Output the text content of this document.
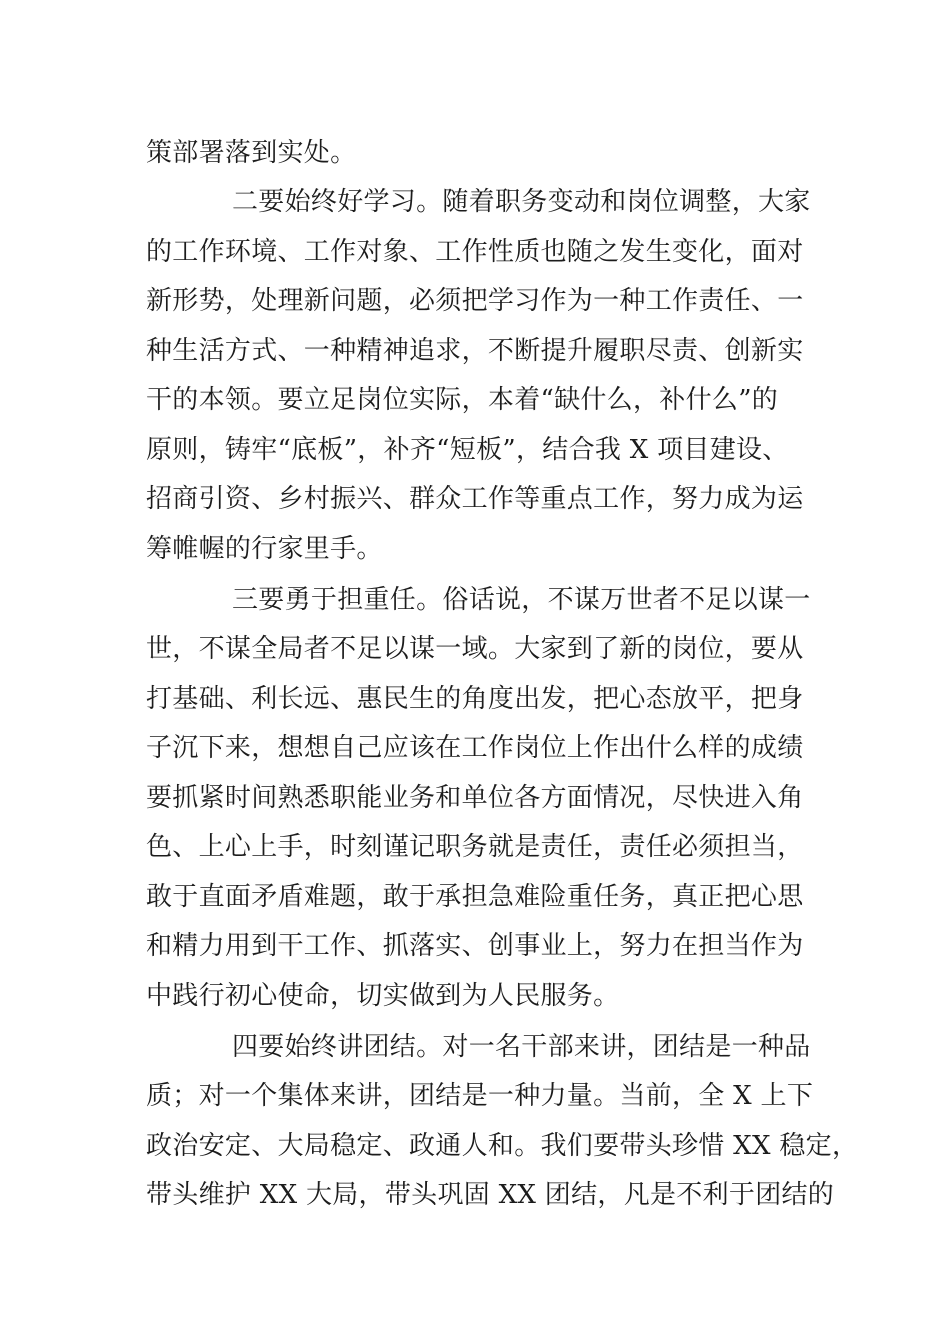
策部署落到实处。
二要始终好学习。随着职务变动和岗位调整，大家
的工作环境、工作对象、工作性质也随之发生变化，面对
新形势，处理新问题，必须把学习作为一种工作责任、一
种生活方式、一种精神追求，不断提升履职尽责、创新实
干的本领。要立足岗位实际，本着“缺什么，补什么”的
原则，铸牢“底板”，补齐“短板”，结合我 X 项目建设、
招商引资、乡村振兴、群众工作等重点工作，努力成为运
筹帷幄的行家里手。
三要勇于担重任。俗话说，不谋万世者不足以谋一
世，不谋全局者不足以谋一域。大家到了新的岗位，要从
打基础、利长远、惠民生的角度出发，把心态放平，把身
子沉下来，想想自己应该在工作岗位上作出什么样的成绩
要抓紧时间熟悉职能业务和单位各方面情况，尽快进入角
色、上心上手，时刻谨记职务就是责任，责任必须担当，
敢于直面矛盾难题，敢于承担急难险重任务，真正把心思
和精力用到干工作、抓落实、创事业上，努力在担当作为
中践行初心使命，切实做到为人民服务。
四要始终讲团结。对一名干部来讲，团结是一种品
质；对一个集体来讲，团结是一种力量。当前，全 X 上下
政治安定、大局稳定、政通人和。我们要带头珍惜 XX 稳定，
带头维护 XX 大局，带头巩固 XX 团结，凡是不利于团结的
